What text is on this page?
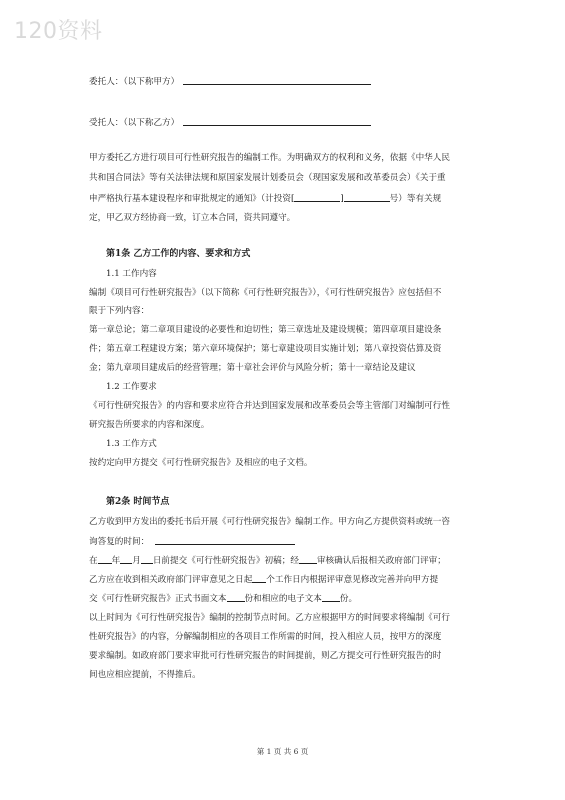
120资料
委托人：（以下称甲方）
受托人：（以下称乙方）
甲方委托乙方进行项目可行性研究报告的编制工作。为明确双方的权利和义务，依据《中华人民
共和国合同法》等有关法律法规和原国家发展计划委员会（现国家发展和改革委员会）《关于重
申严格执行基本建设程序和审批规定的通知》（计投资[	]	号）等有关规
定，甲乙双方经协商一致，订立本合同，资共同遵守。
第1条 乙方工作的内容、要求和方式
1.1 工作内容
编制《项目可行性研究报告》（以下简称《可行性研究报告》），《可行性研究报告》应包括但不
限于下列内容：
第一章总论；第二章项目建设的必要性和迫切性；第三章选址及建设规模；第四章项目建设条
件；第五章工程建设方案；第六章环境保护；第七章建设项目实施计划；第八章投资估算及资
金；第九章项目建成后的经营管理；第十章社会评价与风险分析；第十一章结论及建议
1.2 工作要求
《可行性研究报告》的内容和要求应符合并达到国家发展和改革委员会等主管部门对编制可行性
研究报告所要求的内容和深度。
1.3 工作方式
按约定向甲方提交《可行性研究报告》及相应的电子文档。
第2条 时间节点
乙方收到甲方发出的委托书后开展《可行性研究报告》编制工作。甲方向乙方提供资料或统一咨
询答复的时间：
在 年 月 日前提交《可行性研究报告》初稿；经 审核确认后报相关政府部门评审；
乙方应在收到相关政府部门评审意见之日起 个工作日内根据评审意见修改完善并向甲方提
交《可行性研究报告》正式书面文本 份和相应的电子文本 份。
以上时间为《可行性研究报告》编制的控制节点时间。乙方应根据甲方的时间要求将编制《可行
性研究报告》的内容，分解编制相应的各项目工作所需的时间，投入相应人员，按甲方的深度
要求编制。如政府部门要求审批可行性研究报告的时间提前，则乙方提交可行性研究报告的时
间也应相应提前，不得推后。
第 1 页 共 6 页
